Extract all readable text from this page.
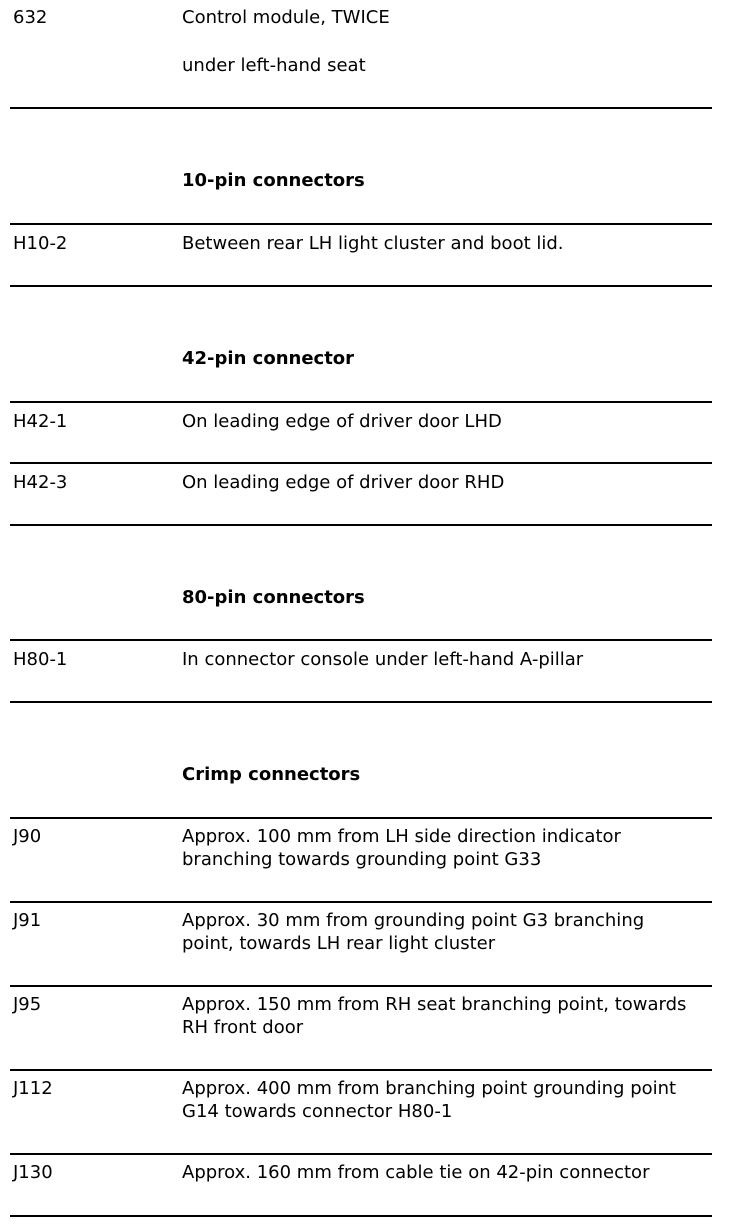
632	Control module, TWICE
under left-hand seat
10-pin connectors
H10-2	Between rear LH light cluster and boot lid.
42-pin connector
H42-1	On leading edge of driver door LHD
H42-3	On leading edge of driver door RHD
80-pin connectors
H80-1	In connector console under left-hand A-pillar
Crimp connectors
J90	Approx. 100 mm from LH side direction indicator
branching towards grounding point G33
J91	Approx. 30 mm from grounding point G3 branching
point, towards LH rear light cluster
J95	Approx. 150 mm from RH seat branching point, towards
RH front door
J112	Approx. 400 mm from branching point grounding point
G14 towards connector H80-1
J130	Approx. 160 mm from cable tie on 42-pin connector
